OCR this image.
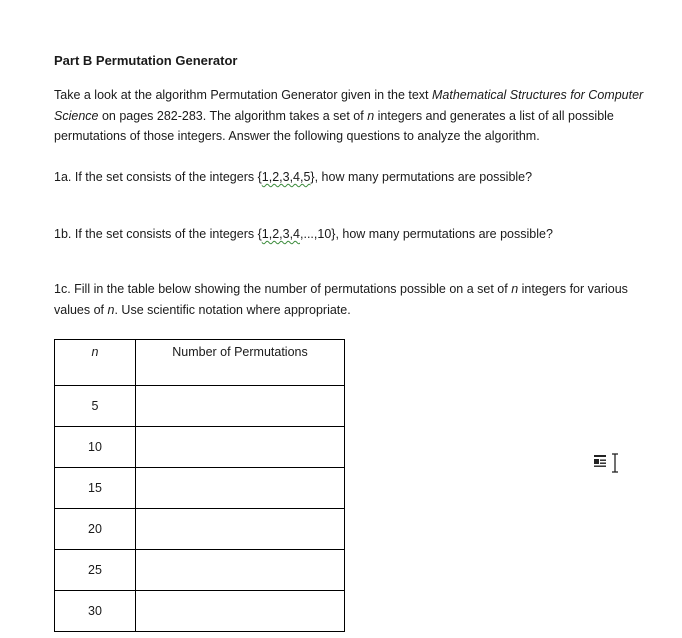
Part B Permutation Generator
Take a look at the algorithm Permutation Generator given in the text Mathematical Structures for Computer Science on pages 282-283. The algorithm takes a set of n integers and generates a list of all possible permutations of those integers. Answer the following questions to analyze the algorithm.
1a. If the set consists of the integers {1,2,3,4,5}, how many permutations are possible?
1b. If the set consists of the integers {1,2,3,4,...,10}, how many permutations are possible?
1c. Fill in the table below showing the number of permutations possible on a set of n integers for various values of n. Use scientific notation where appropriate.
n	Number of Permutations
5	
10	
15	
20	
25	
30	
